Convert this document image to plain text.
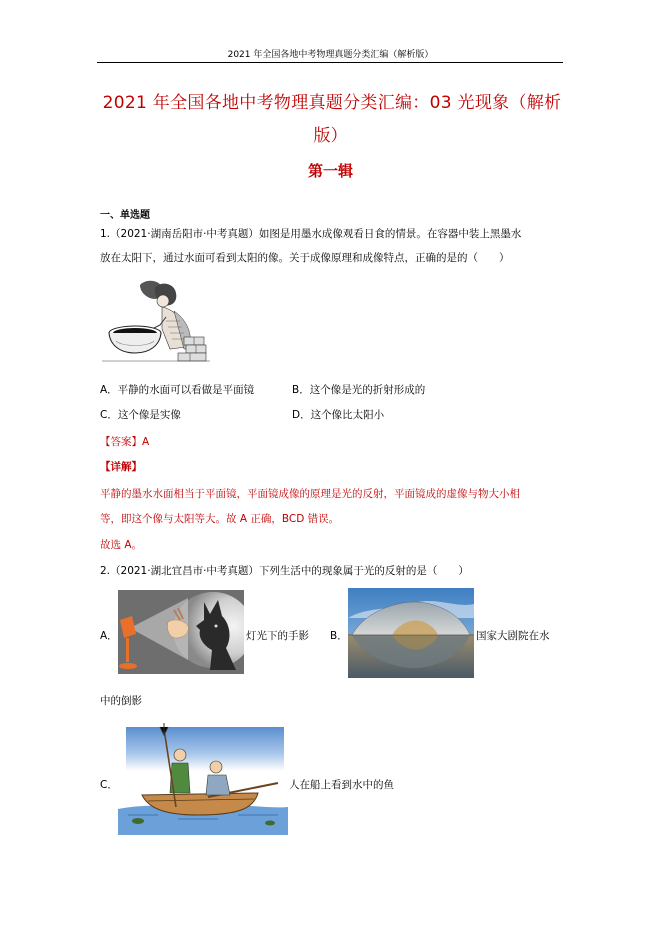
2021 年全国各地中考物理真题分类汇编（解析版）
2021 年全国各地中考物理真题分类汇编：03 光现象（解析
版）
第一辑
一、单选题
1.（2021·湖南岳阳市·中考真题）如图是用墨水成像观看日食的情景。在容器中装上黑墨水
放在太阳下，通过水面可看到太阳的像。关于成像原理和成像特点，正确的是的（　　）
A．平静的水面可以看做是平面镜	B．这个像是光的折射形成的
C．这个像是实像	D．这个像比太阳小
【答案】A
【详解】
平静的墨水水面相当于平面镜，平面镜成像的原理是光的反射，平面镜成的虚像与物大小相
等，即这个像与太阳等大。故 A 正确，BCD 错误。
故选 A。
2.（2021·湖北宜昌市·中考真题）下列生活中的现象属于光的反射的是（　　）
A．	灯光下的手影 B．	国家大剧院在水
中的倒影
C．	人在船上看到水中的鱼
